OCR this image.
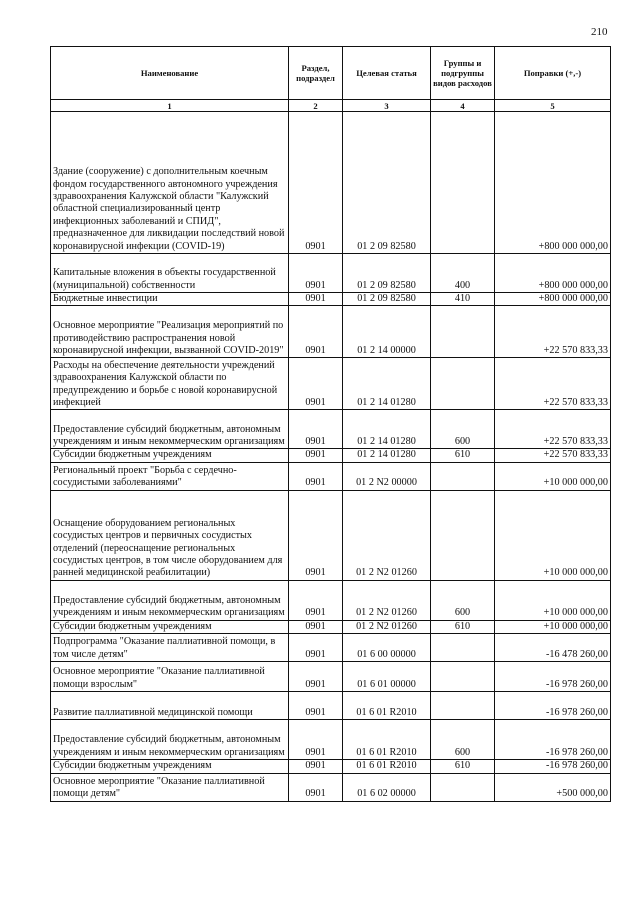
210
Наименование	Раздел, подраздел	Целевая статья	Группы и подгруппы видов расходов	Поправки (+,-)
1	2	3	4	5
Здание (сооружение) с дополнительным коечным фондом государственного автономного учреждения здравоохранения Калужской области "Калужский областной специализированный центр инфекционных заболеваний и СПИД", предназначенное для ликвидации последствий новой коронавирусной инфекции (COVID-19)	0901	01 2 09 82580		+800 000 000,00
Капитальные вложения в объекты государственной (муниципальной) собственности	0901	01 2 09 82580	400	+800 000 000,00
Бюджетные инвестиции	0901	01 2 09 82580	410	+800 000 000,00
Основное мероприятие "Реализация мероприятий по противодействию распространения новой коронавирусной инфекции, вызванной COVID-2019"	0901	01 2 14 00000		+22 570 833,33
Расходы на обеспечение деятельности учреждений здравоохранения Калужской области по предупреждению и борьбе с новой коронавирусной инфекцией	0901	01 2 14 01280		+22 570 833,33
Предоставление субсидий бюджетным, автономным учреждениям и иным некоммерческим организациям	0901	01 2 14 01280	600	+22 570 833,33
Субсидии бюджетным учреждениям	0901	01 2 14 01280	610	+22 570 833,33
Региональный проект "Борьба с сердечно-сосудистыми заболеваниями"	0901	01 2 N2 00000		+10 000 000,00
Оснащение оборудованием региональных сосудистых центров и первичных сосудистых отделений (переоснащение региональных сосудистых центров, в том числе оборудованием для ранней медицинской реабилитации)	0901	01 2 N2 01260		+10 000 000,00
Предоставление субсидий бюджетным, автономным учреждениям и иным некоммерческим организациям	0901	01 2 N2 01260	600	+10 000 000,00
Субсидии бюджетным учреждениям	0901	01 2 N2 01260	610	+10 000 000,00
Подпрограмма "Оказание паллиативной помощи, в том числе детям"	0901	01 6 00 00000		-16 478 260,00
Основное мероприятие "Оказание паллиативной помощи взрослым"	0901	01 6 01 00000		-16 978 260,00
Развитие паллиативной медицинской помощи	0901	01 6 01 R2010		-16 978 260,00
Предоставление субсидий бюджетным, автономным учреждениям и иным некоммерческим организациям	0901	01 6 01 R2010	600	-16 978 260,00
Субсидии бюджетным учреждениям	0901	01 6 01 R2010	610	-16 978 260,00
Основное мероприятие "Оказание паллиативной помощи детям"	0901	01 6 02 00000		+500 000,00
